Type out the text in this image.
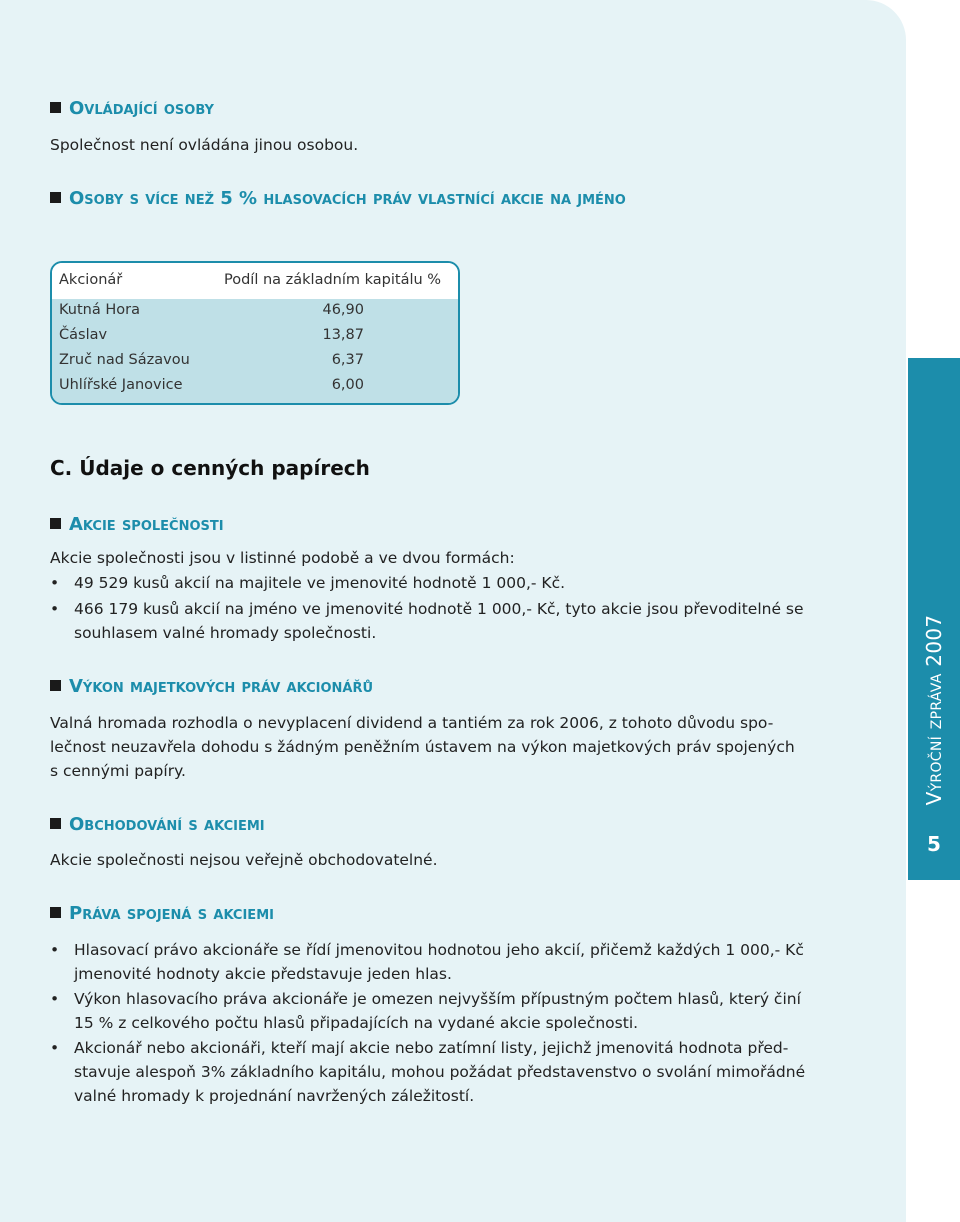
Výroční zpráva 2007
5
Ovládající osoby
Společnost není ovládána jinou osobou.
Osoby s více než 5 % hlasovacích práv vlastnící akcie na jméno
Akcionář	Podíl na základním kapitálu %
Kutná Hora	46,90
Čáslav	13,87
Zruč nad Sázavou	6,37
Uhlířské Janovice	6,00
C. Údaje o cenných papírech
Akcie společnosti
Akcie společnosti jsou v listinné podobě a ve dvou formách:
• 49 529 kusů akcií na majitele ve jmenovité hodnotě 1 000,- Kč.
• 466 179 kusů akcií na jméno ve jmenovité hodnotě 1 000,- Kč, tyto akcie jsou převoditelné se
souhlasem valné hromady společnosti.
Výkon majetkových práv akcionářů
Valná hromada rozhodla o nevyplacení dividend a tantiém za rok 2006, z tohoto důvodu spo-
lečnost neuzavřela dohodu s žádným peněžním ústavem na výkon majetkových práv spojených
s cennými papíry.
Obchodování s akciemi
Akcie společnosti nejsou veřejně obchodovatelné.
Práva spojená s akciemi
• Hlasovací právo akcionáře se řídí jmenovitou hodnotou jeho akcií, přičemž každých 1 000,- Kč
jmenovité hodnoty akcie představuje jeden hlas.
• Výkon hlasovacího práva akcionáře je omezen nejvyšším přípustným počtem hlasů, který činí
15 % z celkového počtu hlasů připadajících na vydané akcie společnosti.
• Akcionář nebo akcionáři, kteří mají akcie nebo zatímní listy, jejichž jmenovitá hodnota před-
stavuje alespoň 3% základního kapitálu, mohou požádat představenstvo o svolání mimořádné
valné hromady k projednání navržených záležitostí.
